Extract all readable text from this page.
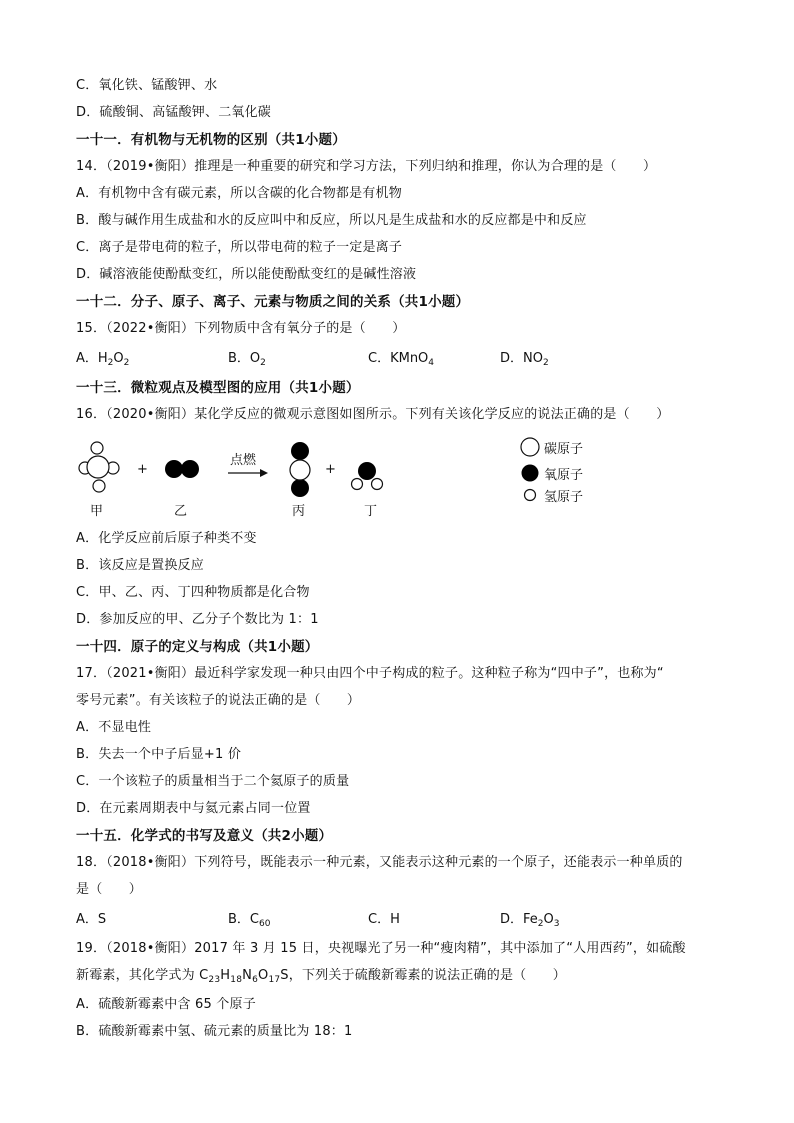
C．氧化铁、锰酸钾、水
D．硫酸铜、高锰酸钾、二氧化碳
一十一．有机物与无机物的区别（共1小题）
14．（2019•衡阳）推理是一种重要的研究和学习方法，下列归纳和推理，你认为合理的是（　　）
A．有机物中含有碳元素，所以含碳的化合物都是有机物
B．酸与碱作用生成盐和水的反应叫中和反应，所以凡是生成盐和水的反应都是中和反应
C．离子是带电荷的粒子，所以带电荷的粒子一定是离子
D．碱溶液能使酚酞变红，所以能使酚酞变红的是碱性溶液
一十二．分子、原子、离子、元素与物质之间的关系（共1小题）
15．（2022•衡阳）下列物质中含有氧分子的是（　　）
A．$H_2O_2$	B．$O_2$	C．KMnO$_4$	D．$NO_2$
一十三．微粒观点及模型图的应用（共1小题）
16．（2020•衡阳）某化学反应的微观示意图如图所示。下列有关该化学反应的说法正确的是（　　）
+	+
点燃
甲	乙	丙	丁
碳原子
氧原子
氢原子
A．化学反应前后原子种类不变
B．该反应是置换反应
C．甲、乙、丙、丁四种物质都是化合物
D．参加反应的甲、乙分子个数比为 1：1
一十四．原子的定义与构成（共1小题）
17．（2021•衡阳）最近科学家发现一种只由四个中子构成的粒子。这种粒子称为“四中子”，也称为“
零号元素”。有关该粒子的说法正确的是（　　）
A．不显电性
B．失去一个中子后显+1 价
C．一个该粒子的质量相当于二个氦原子的质量
D．在元素周期表中与氦元素占同一位置
一十五．化学式的书写及意义（共2小题）
18．（2018•衡阳）下列符号，既能表示一种元素，又能表示这种元素的一个原子，还能表示一种单质的
是（　　）
A．S	B．$C_{60}$	C．H	D．$Fe_2O_3$
19．（2018•衡阳）2017 年 3 月 15 日，央视曝光了另一种“瘦肉精”，其中添加了“人用西药”，如硫酸
新霉素，其化学式为 $C_{23}H_{18}N_6O_{17}S$，下列关于硫酸新霉素的说法正确的是（　　）
A．硫酸新霉素中含 65 个原子
B．硫酸新霉素中氢、硫元素的质量比为 18：1
